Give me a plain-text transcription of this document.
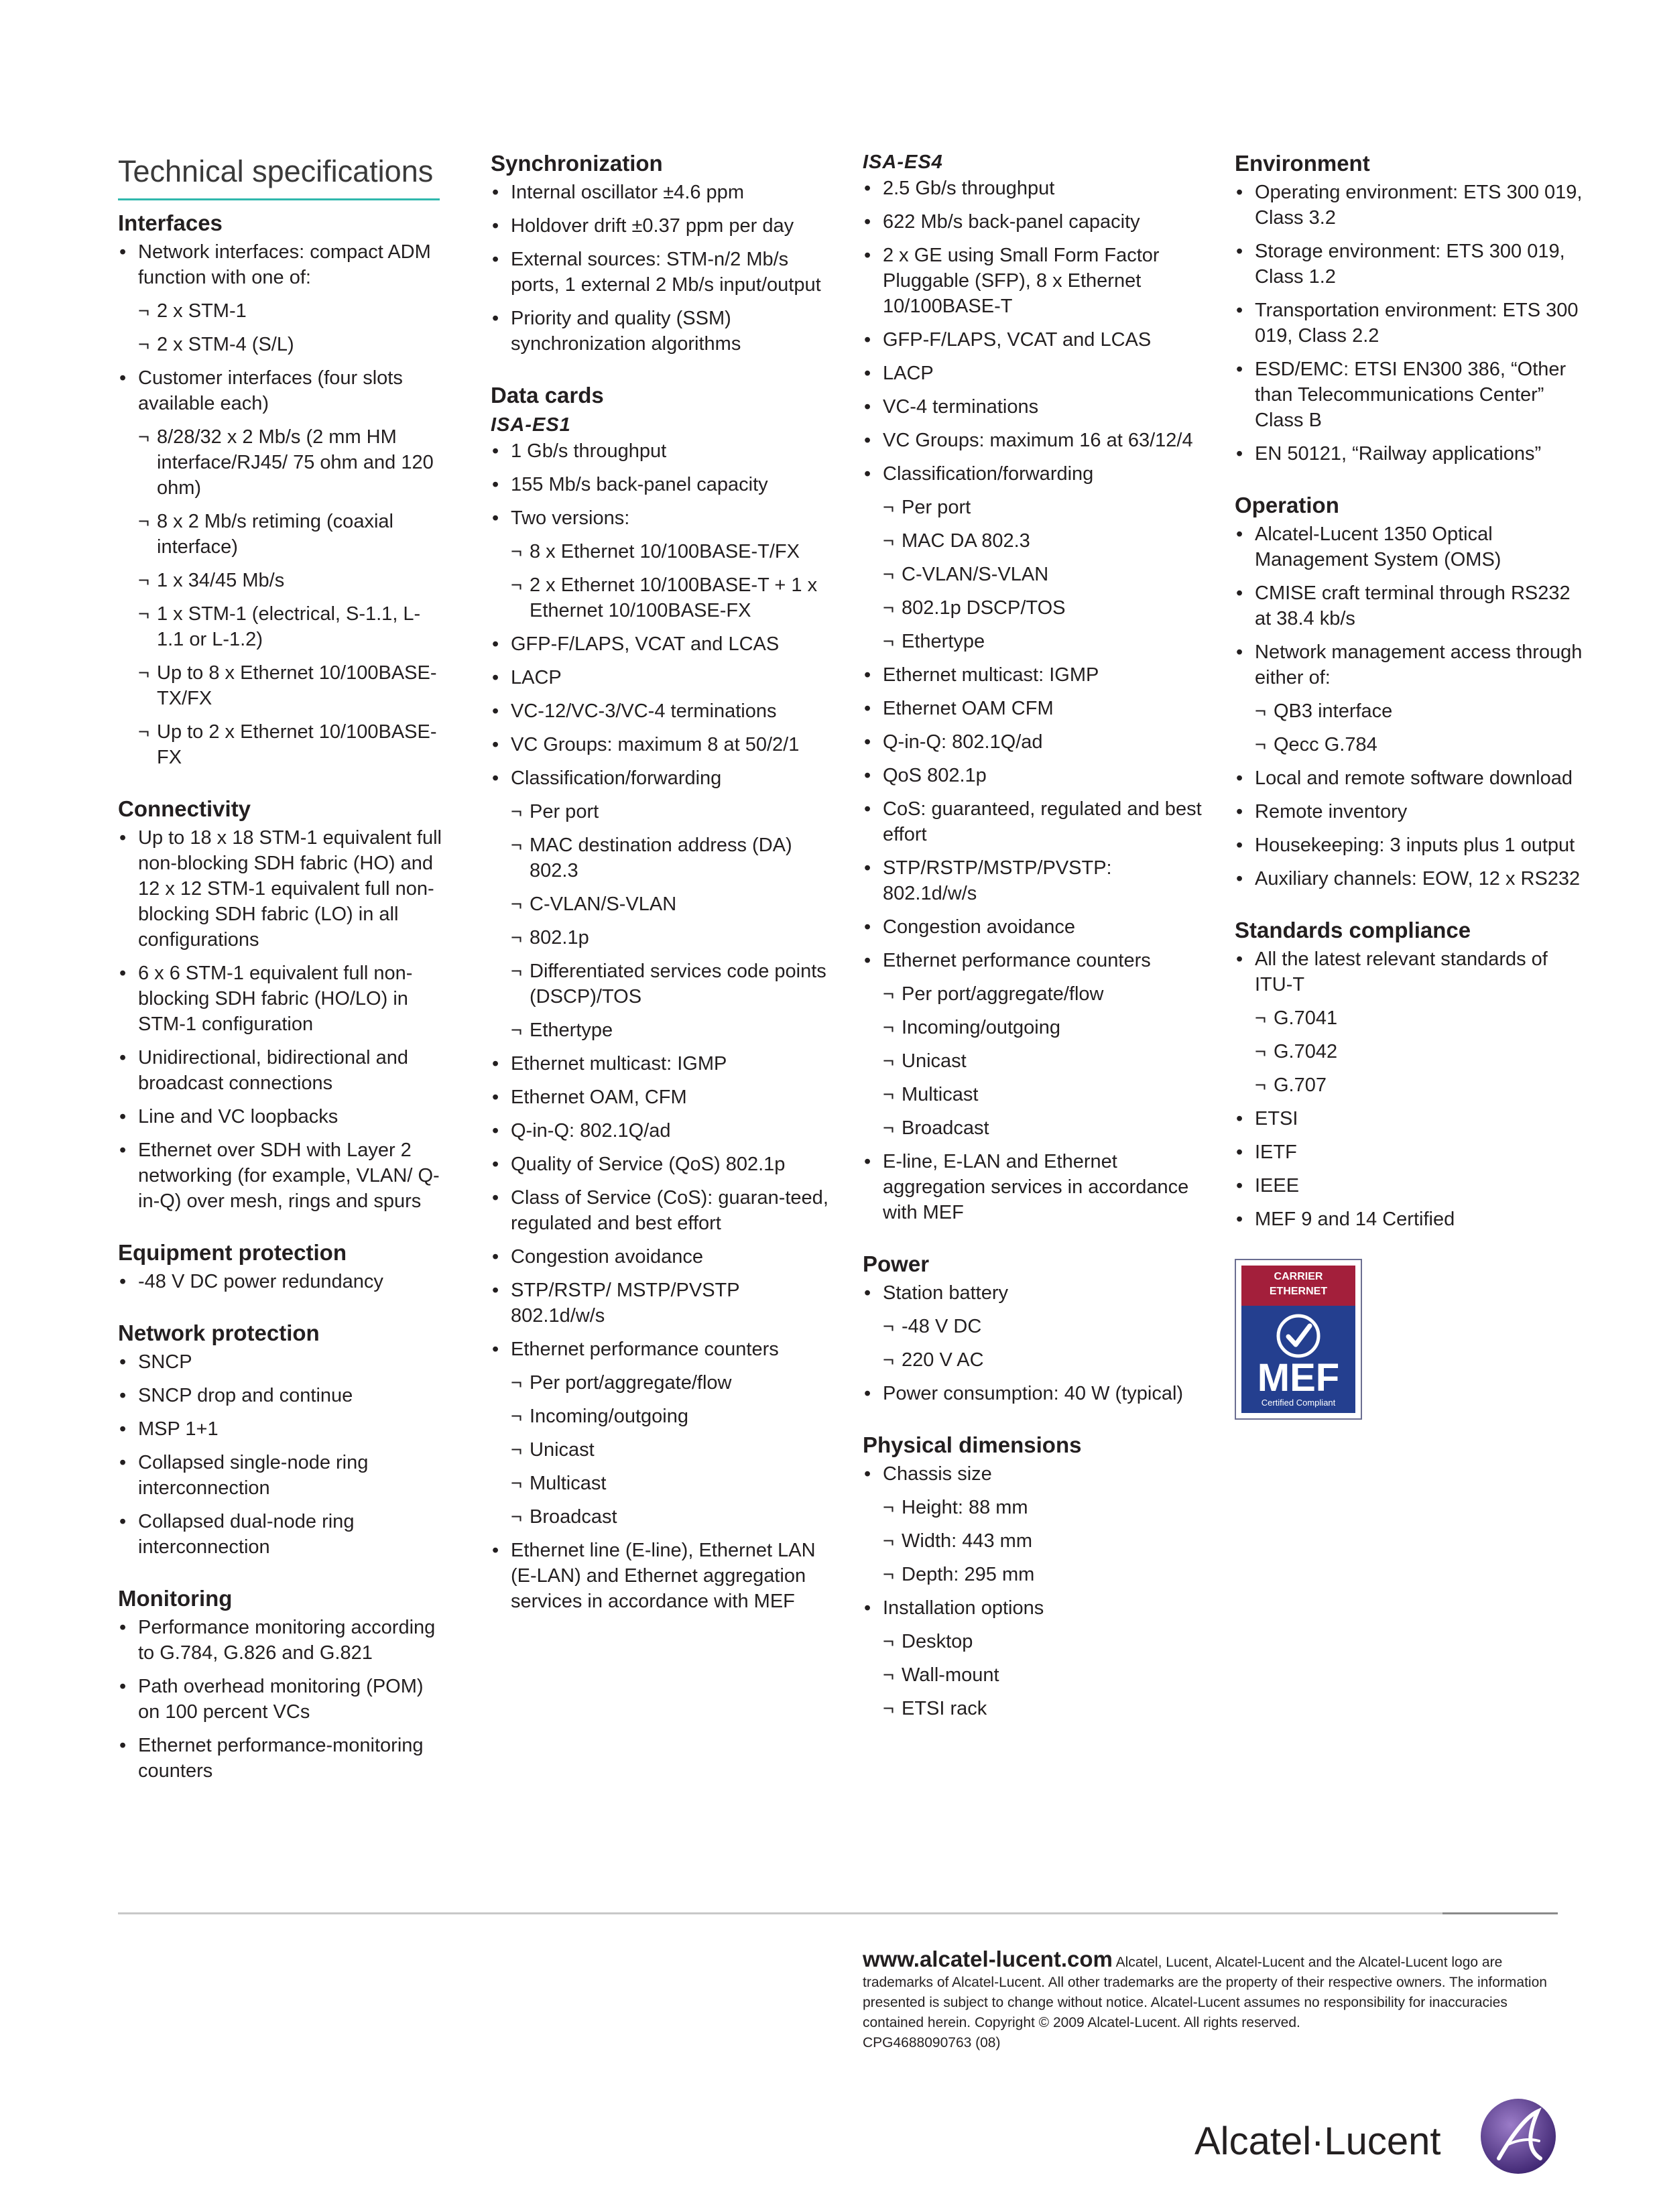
Technical specifications
Interfaces
• Network interfaces: compact ADM function with one of:
¬ 2 x STM-1
¬ 2 x STM-4 (S/L)
• Customer interfaces (four slots available each)
¬ 8/28/32 x 2 Mb/s (2 mm HM interface/RJ45/ 75 ohm and 120 ohm)
¬ 8 x 2 Mb/s retiming (coaxial interface)
¬ 1 x 34/45 Mb/s
¬ 1 x STM-1 (electrical, S-1.1, L-1.1 or L-1.2)
¬ Up to 8 x Ethernet 10/100BASE-TX/FX
¬ Up to 2 x Ethernet 10/100BASE-FX
Connectivity
• Up to 18 x 18 STM-1 equivalent full non-blocking SDH fabric (HO) and 12 x 12 STM-1 equivalent full non-blocking SDH fabric (LO) in all configurations
• 6 x 6 STM-1 equivalent full non-blocking SDH fabric (HO/LO) in STM-1 configuration
• Unidirectional, bidirectional and broadcast connections
• Line and VC loopbacks
• Ethernet over SDH with Layer 2 networking (for example, VLAN/ Q-in-Q) over mesh, rings and spurs
Equipment protection
• -48 V DC power redundancy
Network protection
• SNCP
• SNCP drop and continue
• MSP 1+1
• Collapsed single-node ring interconnection
• Collapsed dual-node ring interconnection
Monitoring
• Performance monitoring according to G.784, G.826 and G.821
• Path overhead monitoring (POM) on 100 percent VCs
• Ethernet performance-monitoring counters
Synchronization
• Internal oscillator ±4.6 ppm
• Holdover drift ±0.37 ppm per day
• External sources: STM-n/2 Mb/s ports, 1 external 2 Mb/s input/output
• Priority and quality (SSM) synchronization algorithms
Data cards
ISA-ES1
• 1 Gb/s throughput
• 155 Mb/s back-panel capacity
• Two versions:
¬ 8 x Ethernet 10/100BASE-T/FX
¬ 2 x Ethernet 10/100BASE-T + 1 x Ethernet 10/100BASE-FX
• GFP-F/LAPS, VCAT and LCAS
• LACP
• VC-12/VC-3/VC-4 terminations
• VC Groups: maximum 8 at 50/2/1
• Classification/forwarding
¬ Per port
¬ MAC destination address (DA) 802.3
¬ C-VLAN/S-VLAN
¬ 802.1p
¬ Differentiated services code points (DSCP)/TOS
¬ Ethertype
• Ethernet multicast: IGMP
• Ethernet OAM, CFM
• Q-in-Q: 802.1Q/ad
• Quality of Service (QoS) 802.1p
• Class of Service (CoS): guaran-teed, regulated and best effort
• Congestion avoidance
• STP/RSTP/ MSTP/PVSTP 802.1d/w/s
• Ethernet performance counters
¬ Per port/aggregate/flow
¬ Incoming/outgoing
¬ Unicast
¬ Multicast
¬ Broadcast
• Ethernet line (E-line), Ethernet LAN (E-LAN) and Ethernet aggregation services in accordance with MEF
ISA-ES4
• 2.5 Gb/s throughput
• 622 Mb/s back-panel capacity
• 2 x GE using Small Form Factor Pluggable (SFP), 8 x Ethernet 10/100BASE-T
• GFP-F/LAPS, VCAT and LCAS
• LACP
• VC-4 terminations
• VC Groups: maximum 16 at 63/12/4
• Classification/forwarding
¬ Per port
¬ MAC DA 802.3
¬ C-VLAN/S-VLAN
¬ 802.1p DSCP/TOS
¬ Ethertype
• Ethernet multicast: IGMP
• Ethernet OAM CFM
• Q-in-Q: 802.1Q/ad
• QoS 802.1p
• CoS: guaranteed, regulated and best effort
• STP/RSTP/MSTP/PVSTP: 802.1d/w/s
• Congestion avoidance
• Ethernet performance counters
¬ Per port/aggregate/flow
¬ Incoming/outgoing
¬ Unicast
¬ Multicast
¬ Broadcast
• E-line, E-LAN and Ethernet aggregation services in accordance with MEF
Power
• Station battery
¬ -48 V DC
¬ 220 V AC
• Power consumption: 40 W (typical)
Physical dimensions
• Chassis size
¬ Height: 88 mm
¬ Width: 443 mm
¬ Depth: 295 mm
• Installation options
¬ Desktop
¬ Wall-mount
¬ ETSI rack
Environment
• Operating environment: ETS 300 019, Class 3.2
• Storage environment: ETS 300 019, Class 1.2
• Transportation environment: ETS 300 019, Class 2.2
• ESD/EMC: ETSI EN300 386, “Other than Telecommunications Center” Class B
• EN 50121, “Railway applications”
Operation
• Alcatel-Lucent 1350 Optical Management System (OMS)
• CMISE craft terminal through RS232 at 38.4 kb/s
• Network management access through either of:
¬ QB3 interface
¬ Qecc G.784
• Local and remote software download
• Remote inventory
• Housekeeping: 3 inputs plus 1 output
• Auxiliary channels: EOW, 12 x RS232
Standards compliance
• All the latest relevant standards of ITU-T
¬ G.7041
¬ G.7042
¬ G.707
• ETSI
• IETF
• IEEE
• MEF 9 and 14 Certified
CARRIER
ETHERNET
MEF
Certified Compliant
www.alcatel-lucent.com Alcatel, Lucent, Alcatel-Lucent and the Alcatel-Lucent logo are trademarks of Alcatel-Lucent. All other trademarks are the property of their respective owners. The information presented is subject to change without notice. Alcatel-Lucent assumes no responsibility for inaccuracies contained herein. Copyright © 2009 Alcatel-Lucent. All rights reserved.
CPG4688090763 (08)
Alcatel·Lucent
